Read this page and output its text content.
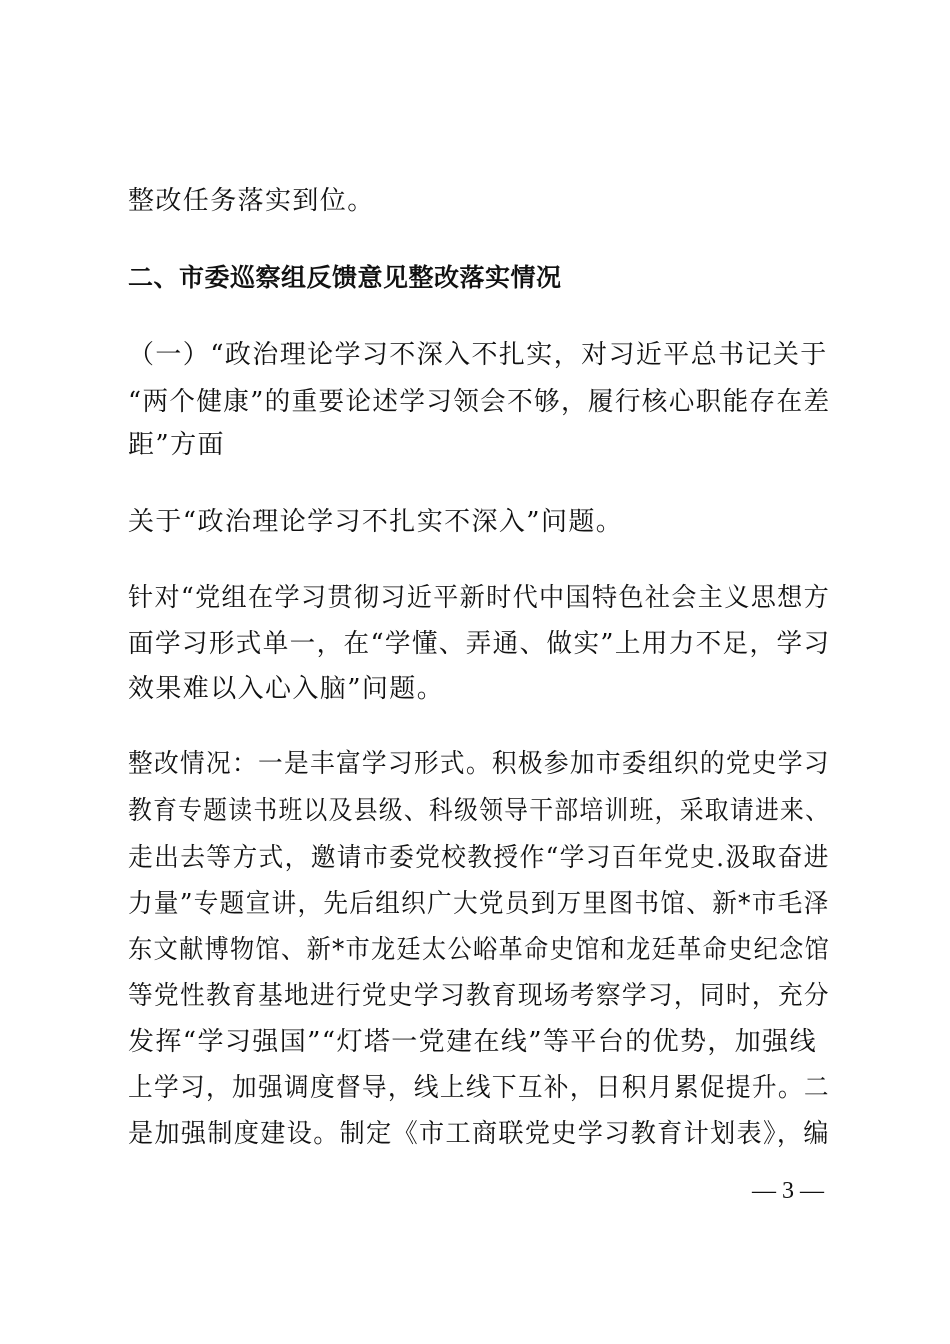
整改任务落实到位。
二、市委巡察组反馈意见整改落实情况
（一）“政治理论学习不深入不扎实，对习近平总书记关于
“两个健康”的重要论述学习领会不够，履行核心职能存在差
距”方面
关于“政治理论学习不扎实不深入”问题。
针对“党组在学习贯彻习近平新时代中国特色社会主义思想方
面学习形式单一，在“学懂、弄通、做实”上用力不足，学习
效果难以入心入脑”问题。
整改情况：一是丰富学习形式。积极参加市委组织的党史学习
教育专题读书班以及县级、科级领导干部培训班，采取请进来、
走出去等方式，邀请市委党校教授作“学习百年党史.汲取奋进
力量”专题宣讲，先后组织广大党员到万里图书馆、新*市毛泽
东文献博物馆、新*市龙廷太公峪革命史馆和龙廷革命史纪念馆
等党性教育基地进行党史学习教育现场考察学习，同时，充分
发挥“学习强国”“灯塔一党建在线”等平台的优势，加强线
上学习，加强调度督导，线上线下互补，日积月累促提升。二
是加强制度建设。制定《市工商联党史学习教育计划表》，编
— 3 —
